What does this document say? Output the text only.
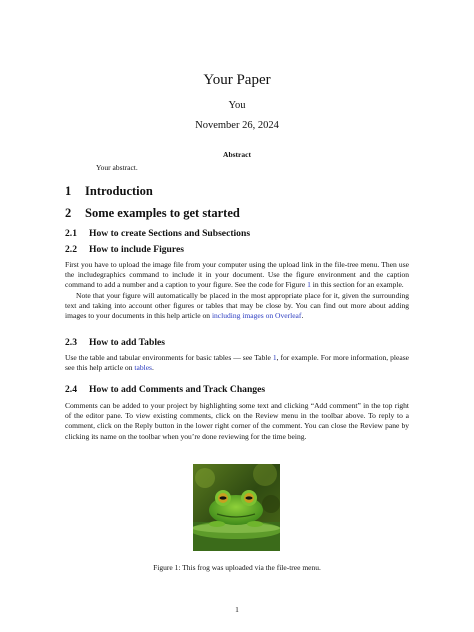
Your Paper
You
November 26, 2024
Abstract
Your abstract.
1 Introduction
2 Some examples to get started
2.1 How to create Sections and Subsections
2.2 How to include Figures

First you have to upload the image file from your computer using the upload link in the file-tree menu. Then use the includegraphics command to include it in your document. Use the figure environment and the caption command to add a number and a caption to your figure. See the code for Figure 1 in this section for an example.

Note that your figure will automatically be placed in the most appropriate place for it, given the surrounding text and taking into account other figures or tables that may be close by. You can find out more about adding images to your documents in this help article on including images on Overleaf.

2.3 How to add Tables

Use the table and tabular environments for basic tables — see Table 1, for example. For more information, please see this help article on tables.

2.4 How to add Comments and Track Changes

Comments can be added to your project by highlighting some text and clicking “Add comment” in the top right of the editor pane. To view existing comments, click on the Review menu in the toolbar above. To reply to a comment, click on the Reply button in the lower right corner of the comment. You can close the Review pane by clicking its name on the toolbar when you’re done reviewing for the time being.

Figure 1: This frog was uploaded via the file-tree menu.
1
